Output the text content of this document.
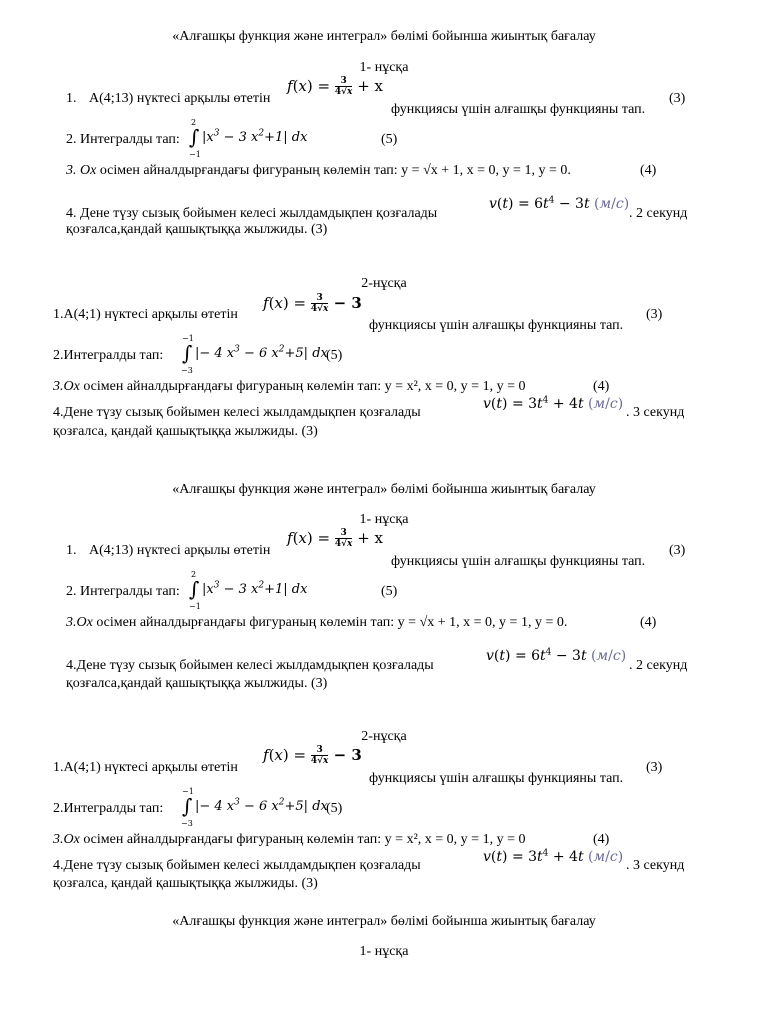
«Алғашқы функция және интеграл» бөлімі бойынша жиынтық бағалау
1- нұсқа
1. A(4;13) нүктесі арқылы өтетін
$f(x) = \frac{3}{4√x} + x$
функциясы үшін алғашқы функцияны тап.
(3)
2. Интегралды тап:
2
∫
−1
$|x^3 - 3$ $x^2+1|$ dx	(5)
3. Ox осімен айналдырғандағы фигураның көлемін тап: y = √x + 1, x = 0, y = 1, y = 0.	(4)
4. Дене түзу сызық бойымен келесі жылдамдықпен қозғалады
$v(t) = 6t^4 - 3t$ (м/с)
. 2 секунд
қозғалса,қандай қашықтыққа жылжиды. (3)
2-нұсқа
1.A(4;1) нүктесі арқылы өтетін
$f(x) = \frac{3}{4√x} - 3$
функциясы үшін алғашқы функцияны тап.
(3)
2.Интегралды тап:
−1
∫
−3
|− 4 $x^3 - 6$ $x^2+5|$ dx
(5)
3.Ox осімен айналдырғандағы фигураның көлемін тап: y = x², x = 0, y = 1, y = 0	(4)
4.Дене түзу сызық бойымен келесі жылдамдықпен қозғалады
$v(t) = 3t^4 + 4t$ (м/с)
. 3 секунд
қозғалса, қандай қашықтыққа жылжиды. (3)
«Алғашқы функция және интеграл» бөлімі бойынша жиынтық бағалау
1- нұсқа
1. A(4;13) нүктесі арқылы өтетін
$f(x) = \frac{3}{4√x} + x$
функциясы үшін алғашқы функцияны тап.
(3)
2. Интегралды тап:
2
∫
−1
$|x^3 - 3$ $x^2+1|$ dx	(5)
3.Ox осімен айналдырғандағы фигураның көлемін тап: y = √x + 1, x = 0, y = 1, y = 0.	(4)
4.Дене түзу сызық бойымен келесі жылдамдықпен қозғалады
$v(t) = 6t^4 - 3t$ (м/с)
. 2 секунд
қозғалса,қандай қашықтыққа жылжиды. (3)
2-нұсқа
1.A(4;1) нүктесі арқылы өтетін
$f(x) = \frac{3}{4√x} - 3$
функциясы үшін алғашқы функцияны тап.
(3)
2.Интегралды тап:
−1
∫
−3
|− 4 $x^3 - 6$ $x^2+5|$ dx
(5)
3.Ox осімен айналдырғандағы фигураның көлемін тап: y = x², x = 0, y = 1, y = 0	(4)
4.Дене түзу сызық бойымен келесі жылдамдықпен қозғалады
$v(t) = 3t^4 + 4t$ (м/с)
. 3 секунд
қозғалса, қандай қашықтыққа жылжиды. (3)
«Алғашқы функция және интеграл» бөлімі бойынша жиынтық бағалау
1- нұсқа
